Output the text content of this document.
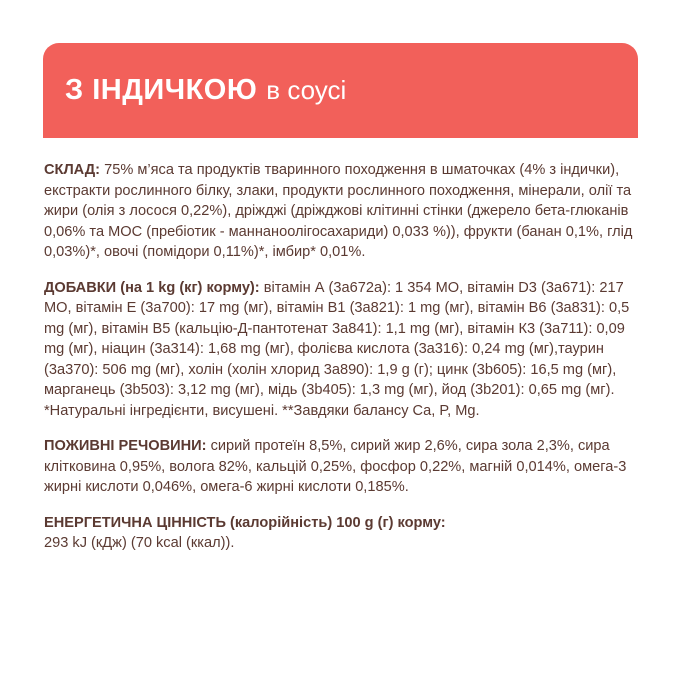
З ІНДИЧКОЮ в соусі

СКЛАД: 75% м’яса та продуктів тваринного походження в шматочках (4% з індички), екстракти рослинного білку, злаки, продукти рослинного походження, мінерали, олії та жири (олія з лосося 0,22%), дріжджі (дріжджові клітинні стінки (джерело бета-глюканів 0,06% та МОС (пребіотик - маннаноолігосахариди) 0,033 %)), фрукти (банан 0,1%, глід 0,03%)*, овочі (помідори 0,11%)*, імбир* 0,01%.

ДОБАВКИ (на 1 kg (кг) корму): вітамін А (3а672а): 1 354 МО, вітамін D3 (3а671): 217 МО, вітамін Е (3а700): 17 mg (мг), вітамін В1 (3а821): 1 mg (мг), вітамін В6 (3а831): 0,5 mg (мг), вітамін В5 (кальцію-Д-пантотенат 3а841): 1,1 mg (мг), вітамін К3 (3а711): 0,09 mg (мг), ніацин (3а314): 1,68 mg (мг), фолієва кислота (3а316): 0,24 mg (мг),таурин (3а370): 506 mg (мг), холін (холін хлорид 3а890): 1,9 g (г); цинк (3b605): 16,5 mg (мг), марганець (3b503): 3,12 mg (мг), мідь (3b405): 1,3 mg (мг), йод (3b201): 0,65 mg (мг). *Натуральні інгредієнти, висушені. **Завдяки балансу Ca, P, Mg.

ПОЖИВНІ РЕЧОВИНИ: сирий протеїн 8,5%, сирий жир 2,6%, сира зола 2,3%, сира клітковина 0,95%, волога 82%, кальцій 0,25%, фосфор 0,22%, магній 0,014%, омега-3 жирні кислоти 0,046%, омега-6 жирні кислоти 0,185%.

ЕНЕРГЕТИЧНА ЦІННІСТЬ (калорійність) 100 g (г) корму:
293 kJ (кДж) (70 kcal (ккал)).
